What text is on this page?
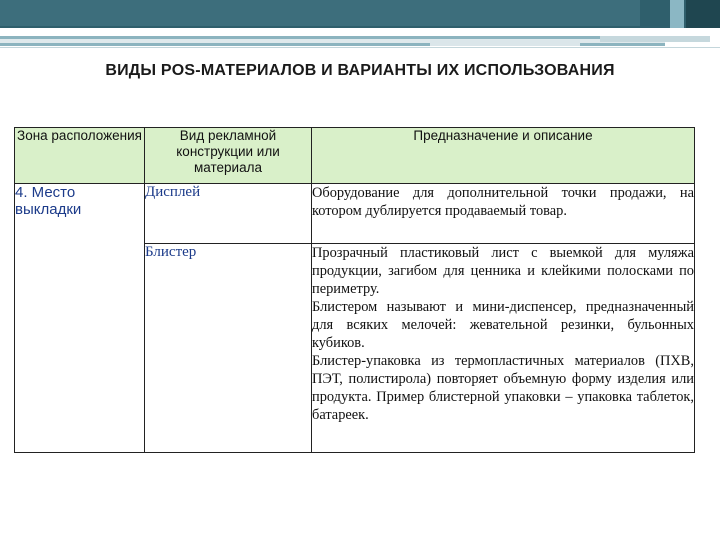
ВИДЫ POS-МАТЕРИАЛОВ И ВАРИАНТЫ ИХ ИСПОЛЬЗОВАНИЯ
Зона расположения	Вид рекламной конструкции или материала	Предназначение и описание
4. Место выкладки	Дисплей	Оборудование для дополнительной точки продажи, на котором дублируется продаваемый товар.

	Блистер	Прозрачный пластиковый лист с выемкой для муляжа продукции, загибом для ценника и клейкими полосками по периметру.

Блистером называют и мини-диспенсер, предназначенный для всяких мелочей: жевательной резинки, бульонных кубиков.

Блистер-упаковка из термопластичных материалов (ПХВ, ПЭТ, полистирола) повторяет объемную форму изделия или продукта. Пример блистерной упаковки – упаковка таблеток, батареек.
